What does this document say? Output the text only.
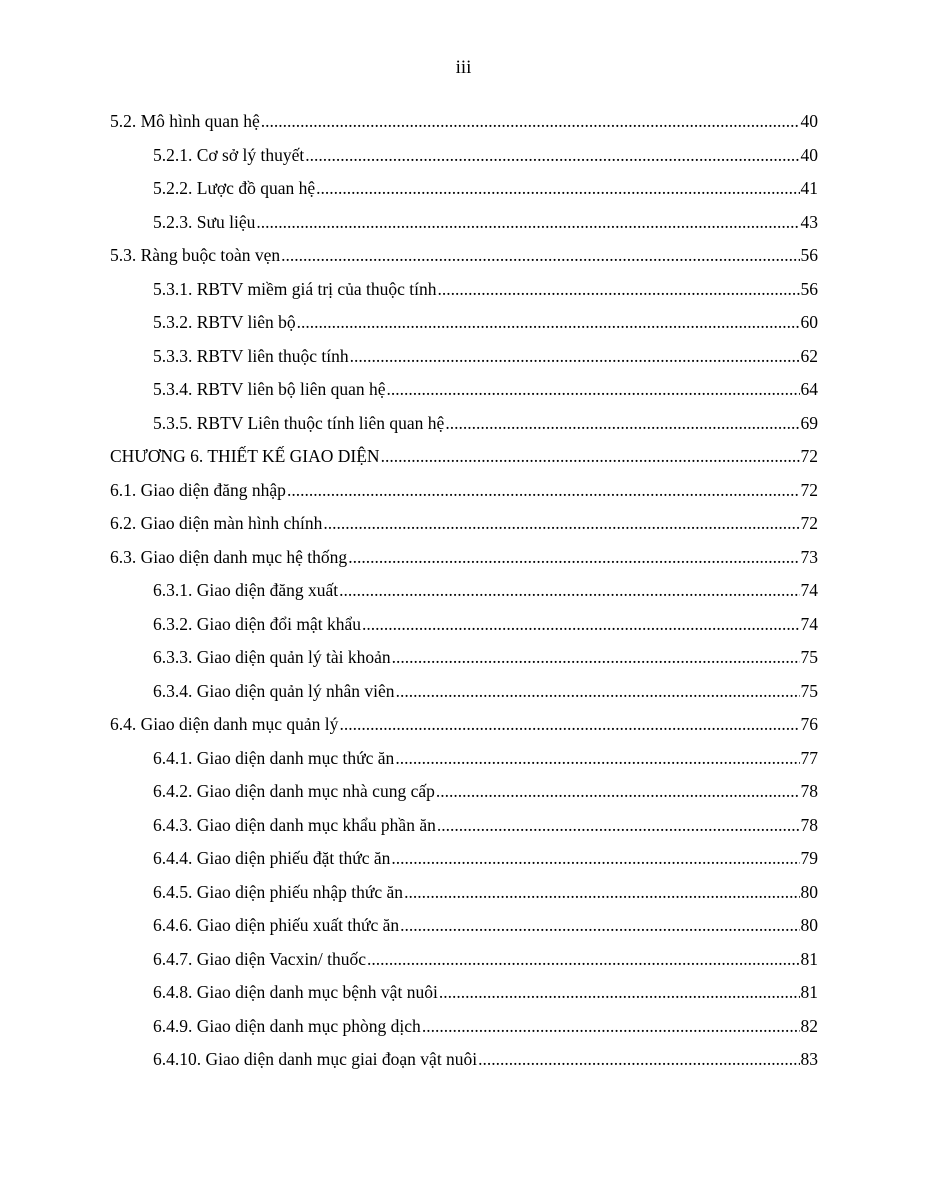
iii
5.2. Mô hình quan hệ .....	40
5.2.1. Cơ sở lý thuyết .....	40
5.2.2. Lược đồ quan hệ .....	41
5.2.3. Sưu liệu .....	43
5.3. Ràng buộc toàn vẹn .....	56
5.3.1. RBTV miềm giá trị của thuộc tính .....	56
5.3.2. RBTV liên bộ .....	60
5.3.3. RBTV liên thuộc tính .....	62
5.3.4. RBTV liên bộ liên quan hệ .....	64
5.3.5. RBTV Liên thuộc tính liên quan hệ .....	69
CHƯƠNG 6. THIẾT KẾ GIAO DIỆN .....	72
6.1. Giao diện đăng nhập .....	72
6.2. Giao diện màn hình chính .....	72
6.3. Giao diện danh mục hệ thống .....	73
6.3.1. Giao diện đăng xuất .....	74
6.3.2. Giao diện đổi mật khẩu .....	74
6.3.3. Giao diện quản lý tài khoản .....	75
6.3.4. Giao diện quản lý nhân viên .....	75
6.4. Giao diện danh mục quản lý .....	76
6.4.1. Giao diện danh mục thức ăn .....	77
6.4.2. Giao diện danh mục nhà cung cấp .....	78
6.4.3. Giao diện danh mục khẩu phần ăn .....	78
6.4.4. Giao diện phiếu đặt thức ăn .....	79
6.4.5. Giao diện phiếu nhập thức ăn .....	80
6.4.6. Giao diện phiếu xuất thức ăn .....	80
6.4.7. Giao diện Vacxin/ thuốc .....	81
6.4.8. Giao diện danh mục bệnh vật nuôi .....	81
6.4.9. Giao diện danh mục phòng dịch .....	82
6.4.10. Giao diện danh mục giai đoạn vật nuôi .....	83
